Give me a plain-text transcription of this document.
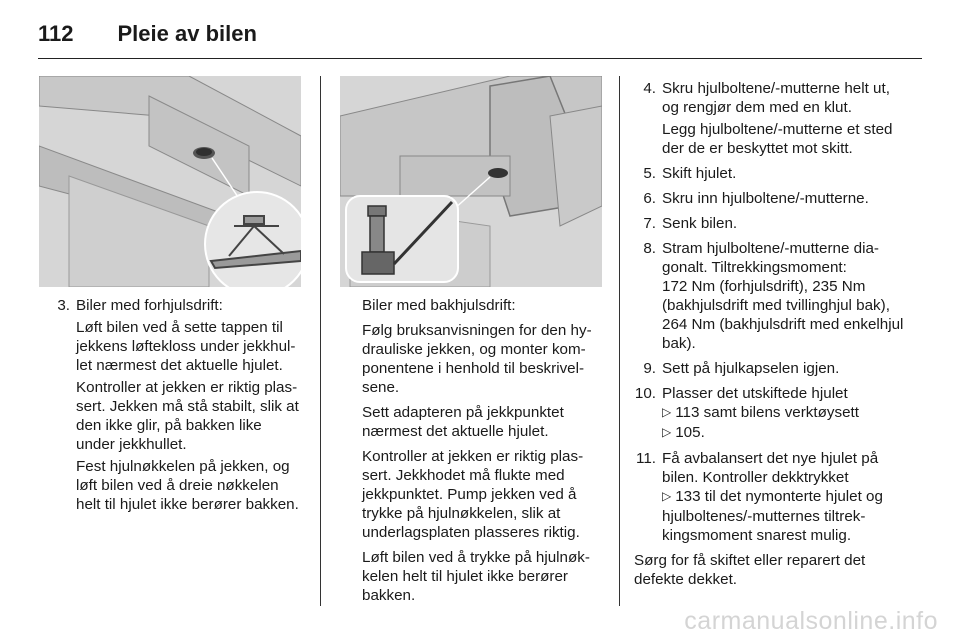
112 Pleie av bilen
3. Biler med forhjulsdrift:

Løft bilen ved å sette tappen til jekkens løftekloss under jekkhullet nærmest det aktuelle hjulet.

Kontroller at jekken er riktig plassert. Jekken må stå stabilt, slik at den ikke glir, på bakken like under jekkhullet.

Fest hjulnøkkelen på jekken, og løft bilen ved å dreie nøkkelen helt til hjulet ikke berører bakken.

Biler med bakhjulsdrift:

Følg bruksanvisningen for den hydrauliske jekken, og monter komponentene i henhold til beskrivelsene.

Sett adapteren på jekkpunktet nærmest det aktuelle hjulet.

Kontroller at jekken er riktig plassert. Jekkhodet må flukte med jekkpunktet. Pump jekken ved å trykke på hjulnøkkelen, slik at underlagsplaten plasseres riktig.

Løft bilen ved å trykke på hjulnøkkelen helt til hjulet ikke berører bakken.

4. Skru hjulboltene/-mutterne helt ut, og rengjør dem med en klut.

Legg hjulboltene/-mutterne et sted der de er beskyttet mot skitt.

5. Skift hjulet.
6. Skru inn hjulboltene/-mutterne.
7. Senk bilen.
8. Stram hjulboltene/-mutterne diagonalt. Tiltrekkingsmoment:
172 Nm (forhjulsdrift), 235 Nm (bakhjulsdrift med tvillinghjul bak), 264 Nm (bakhjulsdrift med enkelhjul bak).
9. Sett på hjulkapselen igjen.
10. Plasser det utskiftede hjulet
▷ 113 samt bilens verktøysett
▷ 105.
11. Få avbalansert det nye hjulet på bilen. Kontroller dekktrykket
▷ 133 til det nymonterte hjulet og hjulboltenes/-mutternes tiltrekkingsmoment snarest mulig.

Sørg for få skiftet eller reparert det defekte dekket.

carmanualsonline.info
